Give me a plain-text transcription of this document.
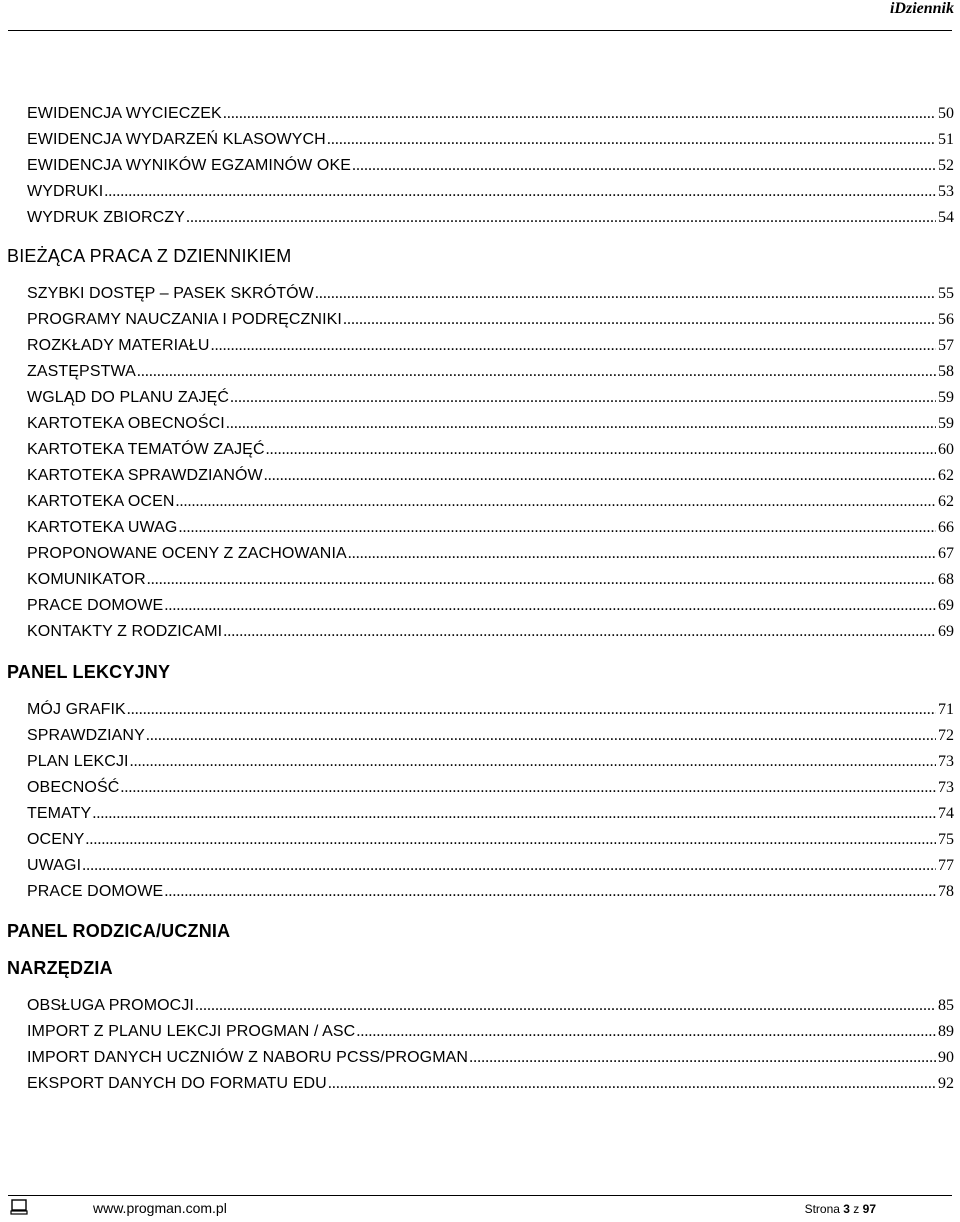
iDziennik
EWIDENCJA WYCIECZEK .....	50
EWIDENCJA WYDARZEŃ KLASOWYCH .....	51
EWIDENCJA WYNIKÓW EGZAMINÓW OKE .....	52
WYDRUKI .....	53
WYDRUK ZBIORCZY .....	54
BIEŻĄCA PRACA Z DZIENNIKIEM
SZYBKI DOSTĘP – PASEK SKRÓTÓW .....	55
PROGRAMY NAUCZANIA I PODRĘCZNIKI .....	56
ROZKŁADY MATERIAŁU .....	57
ZASTĘPSTWA .....	58
WGLĄD DO PLANU ZAJĘĆ .....	59
KARTOTEKA OBECNOŚCI .....	59
KARTOTEKA TEMATÓW ZAJĘĆ .....	60
KARTOTEKA SPRAWDZIANÓW .....	62
KARTOTEKA OCEN .....	62
KARTOTEKA UWAG .....	66
PROPONOWANE OCENY Z ZACHOWANIA .....	67
KOMUNIKATOR .....	68
PRACE DOMOWE .....	69
KONTAKTY Z RODZICAMI .....	69
PANEL LEKCYJNY
MÓJ GRAFIK .....	71
SPRAWDZIANY .....	72
PLAN LEKCJI .....	73
OBECNOŚĆ .....	73
TEMATY .....	74
OCENY .....	75
UWAGI .....	77
PRACE DOMOWE .....	78
PANEL RODZICA/UCZNIA
NARZĘDZIA
OBSŁUGA PROMOCJI .....	85
IMPORT Z PLANU LEKCJI PROGMAN / ASC .....	89
IMPORT DANYCH UCZNIÓW Z NABORU PCSS/PROGMAN .....	90
EKSPORT DANYCH DO FORMATU EDU .....	92
www.progman.com.pl	Strona 3 z 97
